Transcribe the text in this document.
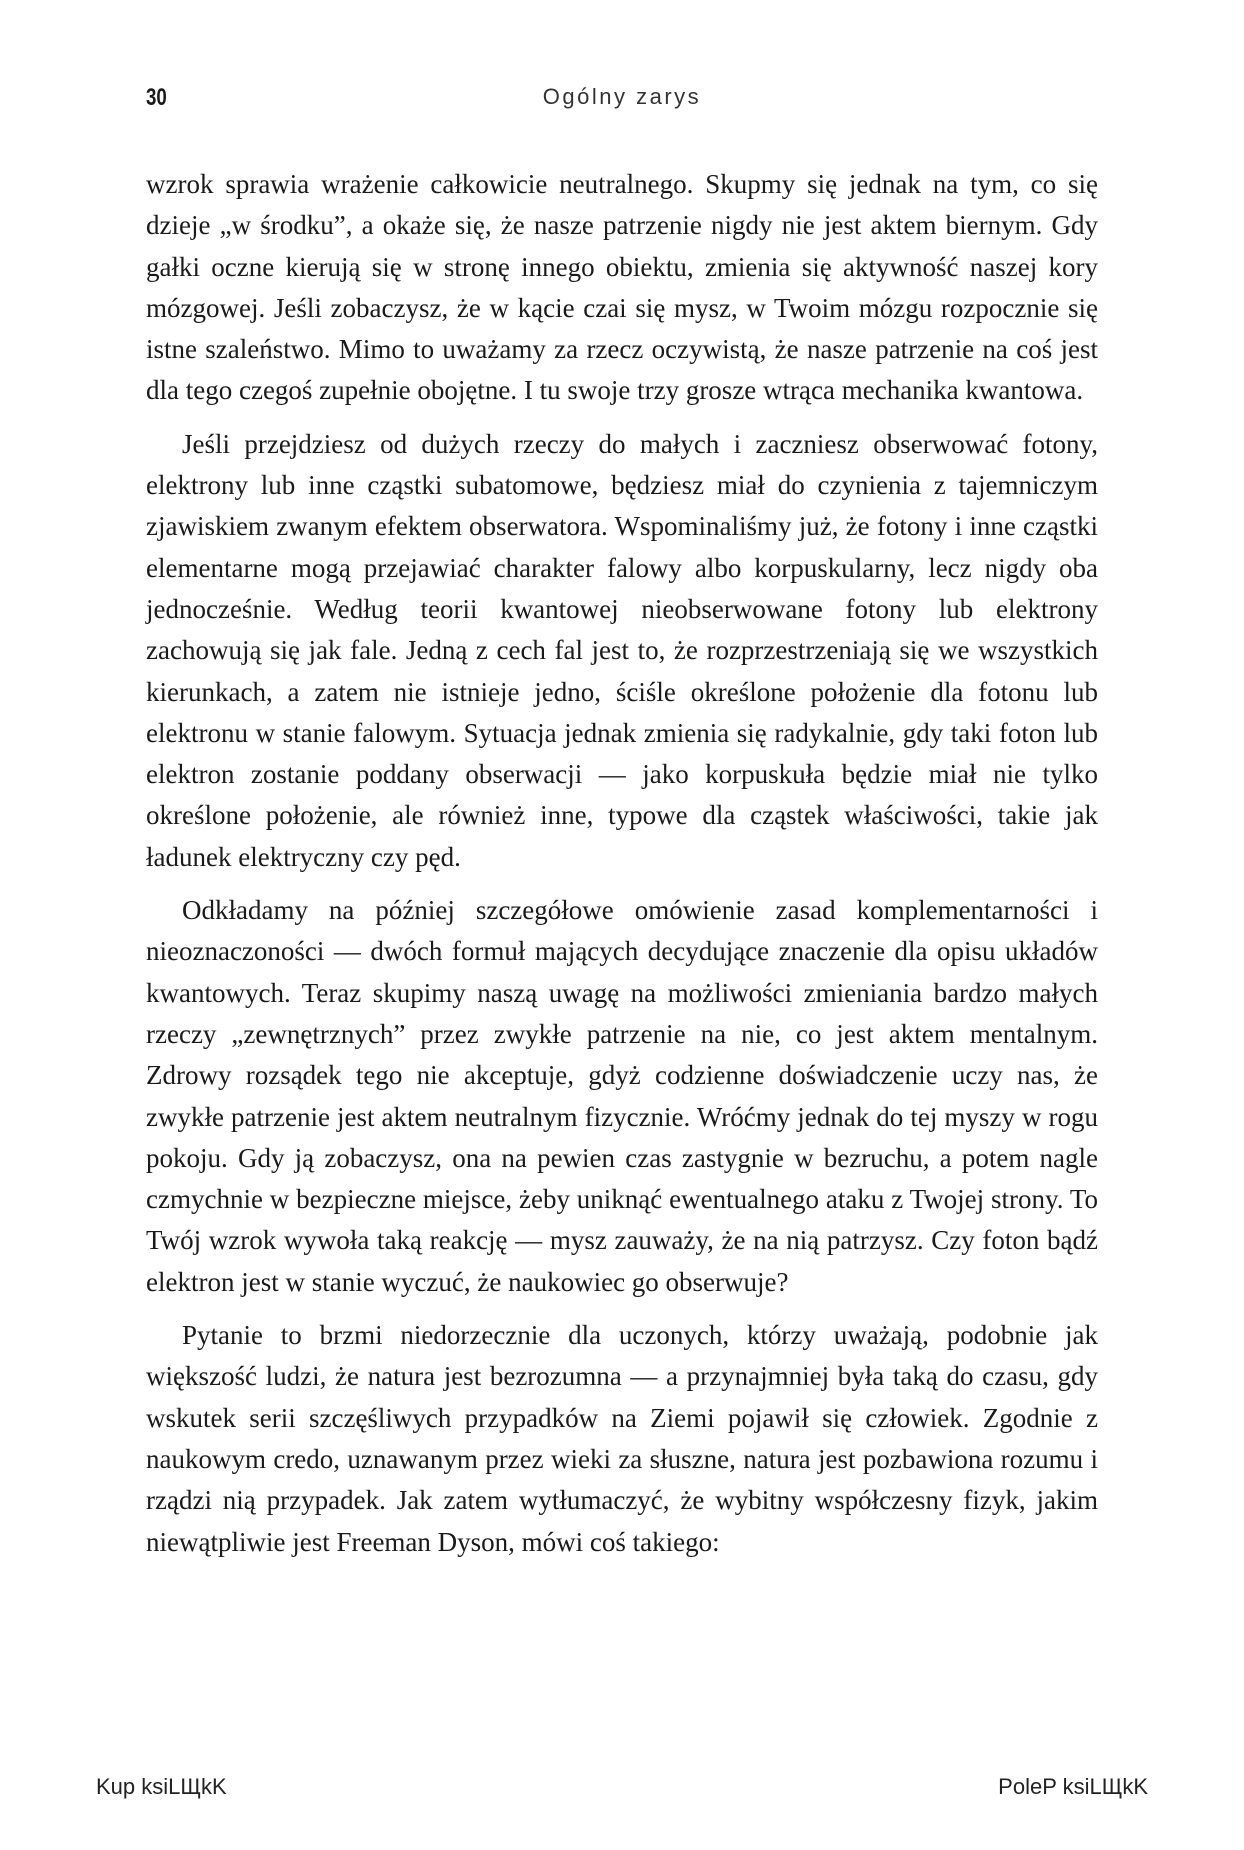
30	Ogólny zarys

wzrok sprawia wrażenie całkowicie neutralnego. Skupmy się jednak na tym, co się dzieje „w środku”, a okaże się, że nasze patrzenie nigdy nie jest aktem biernym. Gdy gałki oczne kierują się w stronę innego obiektu, zmienia się aktywność naszej kory mózgowej. Jeśli zobaczysz, że w kącie czai się mysz, w Twoim mózgu rozpocznie się istne szaleństwo. Mimo to uważamy za rzecz oczywistą, że nasze patrzenie na coś jest dla tego czegoś zupełnie obojętne. I tu swoje trzy grosze wtrąca mechanika kwantowa.

Jeśli przejdziesz od dużych rzeczy do małych i zaczniesz obserwować fotony, elektrony lub inne cząstki subatomowe, będziesz miał do czynienia z tajemniczym zjawiskiem zwanym efektem obserwatora. Wspominaliśmy już, że fotony i inne cząstki elementarne mogą przejawiać charakter falowy albo korpuskularny, lecz nigdy oba jednocześnie. Według teorii kwantowej nieobserwowane fotony lub elektrony zachowują się jak fale. Jedną z cech fal jest to, że rozprzestrzeniają się we wszystkich kierunkach, a zatem nie istnieje jedno, ściśle określone położenie dla fotonu lub elektronu w stanie falowym. Sytuacja jednak zmienia się radykalnie, gdy taki foton lub elektron zostanie poddany obserwacji — jako korpuskuła będzie miał nie tylko określone położenie, ale również inne, typowe dla cząstek właściwości, takie jak ładunek elektryczny czy pęd.

Odkładamy na później szczegółowe omówienie zasad komplementarności i nieoznaczoności — dwóch formuł mających decydujące znaczenie dla opisu układów kwantowych. Teraz skupimy naszą uwagę na możliwości zmieniania bardzo małych rzeczy „zewnętrznych” przez zwykłe patrzenie na nie, co jest aktem mentalnym. Zdrowy rozsądek tego nie akceptuje, gdyż codzienne doświadczenie uczy nas, że zwykłe patrzenie jest aktem neutralnym fizycznie. Wróćmy jednak do tej myszy w rogu pokoju. Gdy ją zobaczysz, ona na pewien czas zastygnie w bezruchu, a potem nagle czmychnie w bezpieczne miejsce, żeby uniknąć ewentualnego ataku z Twojej strony. To Twój wzrok wywoła taką reakcję — mysz zauważy, że na nią patrzysz. Czy foton bądź elektron jest w stanie wyczuć, że naukowiec go obserwuje?

Pytanie to brzmi niedorzecznie dla uczonych, którzy uważają, podobnie jak większość ludzi, że natura jest bezrozumna — a przynajmniej była taką do czasu, gdy wskutek serii szczęśliwych przypadków na Ziemi pojawił się człowiek. Zgodnie z naukowym credo, uznawanym przez wieki za słuszne, natura jest pozbawiona rozumu i rządzi nią przypadek. Jak zatem wytłumaczyć, że wybitny współczesny fizyk, jakim niewątpliwie jest Freeman Dyson, mówi coś takiego:

Kup ksiLЩkK	PoleP ksiLЩkK
